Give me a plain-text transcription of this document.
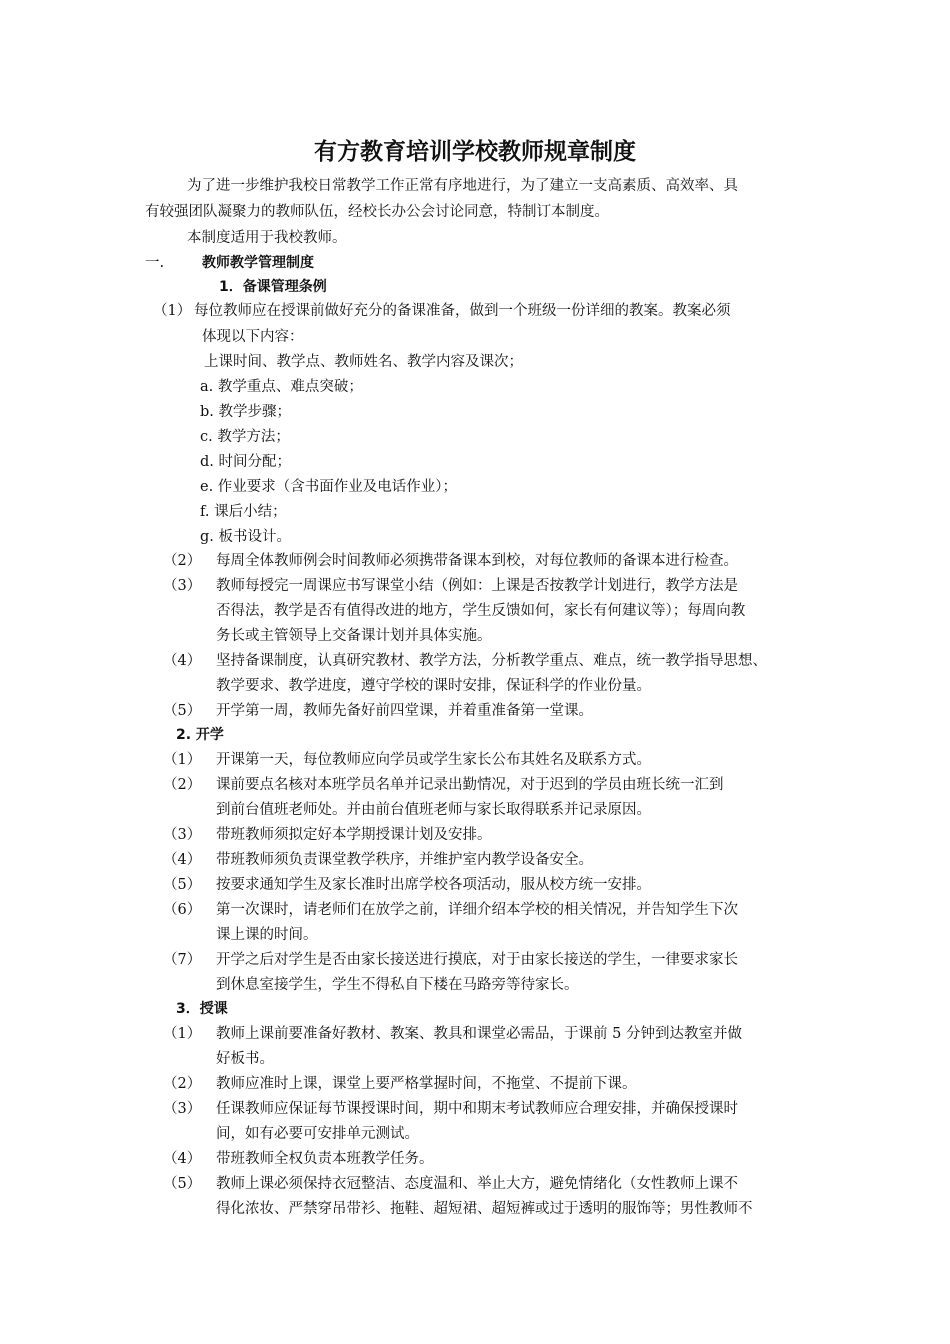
有方教育培训学校教师规章制度
为了进一步维护我校日常教学工作正常有序地进行，为了建立一支高素质、高效率、具
有较强团队凝聚力的教师队伍，经校长办公会讨论同意，特制订本制度。
本制度适用于我校教师。
一.	教师教学管理制度
1．备课管理条例
（1） 每位教师应在授课前做好充分的备课准备，做到一个班级一份详细的教案。教案必须
体现以下内容：
上课时间、教学点、教师姓名、教学内容及课次；
a. 教学重点、难点突破；
b. 教学步骤；
c. 教学方法；
d. 时间分配；
e. 作业要求（含书面作业及电话作业）；
f. 课后小结；
g. 板书设计。
（2） 每周全体教师例会时间教师必须携带备课本到校，对每位教师的备课本进行检查。
（3） 教师每授完一周课应书写课堂小结（例如：上课是否按教学计划进行，教学方法是
否得法，教学是否有值得改进的地方，学生反馈如何，家长有何建议等）；每周向教
务长或主管领导上交备课计划并具体实施。
（4） 坚持备课制度，认真研究教材、教学方法，分析教学重点、难点，统一教学指导思想、
教学要求、教学进度，遵守学校的课时安排，保证科学的作业份量。
（5） 开学第一周，教师先备好前四堂课，并着重准备第一堂课。
2. 开学
（1） 开课第一天，每位教师应向学员或学生家长公布其姓名及联系方式。
（2） 课前要点名核对本班学员名单并记录出勤情况，对于迟到的学员由班长统一汇到
到前台值班老师处。并由前台值班老师与家长取得联系并记录原因。
（3） 带班教师须拟定好本学期授课计划及安排。
（4） 带班教师须负责课堂教学秩序，并维护室内教学设备安全。
（5） 按要求通知学生及家长准时出席学校各项活动，服从校方统一安排。
（6） 第一次课时，请老师们在放学之前，详细介绍本学校的相关情况，并告知学生下次
课上课的时间。
（7） 开学之后对学生是否由家长接送进行摸底，对于由家长接送的学生，一律要求家长
到休息室接学生，学生不得私自下楼在马路旁等待家长。
3．授课
（1） 教师上课前要准备好教材、教案、教具和课堂必需品，于课前 5 分钟到达教室并做
好板书。
（2） 教师应准时上课，课堂上要严格掌握时间，不拖堂、不提前下课。
（3） 任课教师应保证每节课授课时间，期中和期末考试教师应合理安排，并确保授课时
间，如有必要可安排单元测试。
（4） 带班教师全权负责本班教学任务。
（5） 教师上课必须保持衣冠整洁、态度温和、举止大方，避免情绪化（女性教师上课不
得化浓妆、严禁穿吊带衫、拖鞋、超短裙、超短裤或过于透明的服饰等；男性教师不
